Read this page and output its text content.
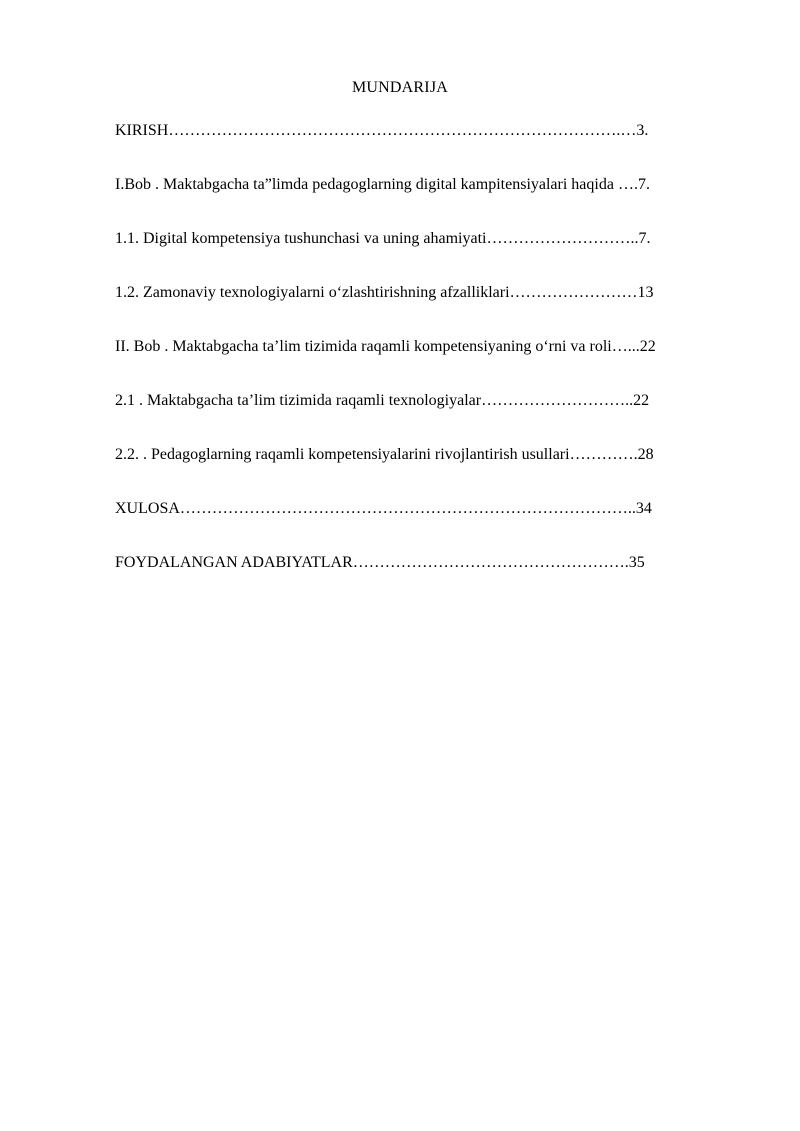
MUNDARIJA
KIRISH………………………………………………………………………….…3.
I.Bob . Maktabgacha ta”limda pedagoglarning digital kampitensiyalari haqida ….7.
1.1. Digital kompetensiya tushunchasi va uning ahamiyati………………………..7.
1.2. Zamonaviy texnologiyalarni o‘zlashtirishning afzalliklari……………………13
II. Bob . Maktabgacha ta’lim tizimida raqamli kompetensiyaning o‘rni va roli…...22
2.1 . Maktabgacha ta’lim tizimida raqamli texnologiyalar………………………..22
2.2. . Pedagoglarning raqamli kompetensiyalarini rivojlantirish usullari………….28
XULOSA…………………………………………………………………………..34
FOYDALANGAN ADABIYATLAR…………………………………………….35
